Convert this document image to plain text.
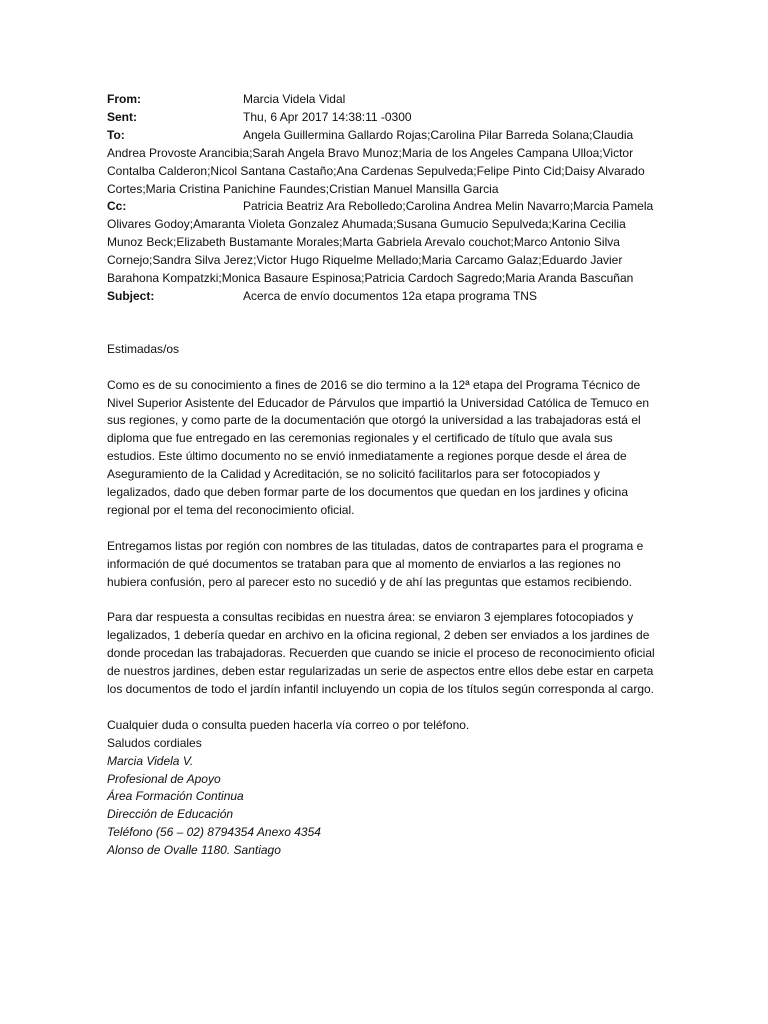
From:	Marcia Videla Vidal
Sent:	Thu, 6 Apr 2017 14:38:11 -0300
To:	Angela Guillermina Gallardo Rojas;Carolina Pilar Barreda Solana;Claudia Andrea Provoste Arancibia;Sarah Angela Bravo Munoz;Maria de los Angeles Campana Ulloa;Victor Contalba Calderon;Nicol Santana Castaño;Ana Cardenas Sepulveda;Felipe Pinto Cid;Daisy Alvarado Cortes;Maria Cristina Panichine Faundes;Cristian Manuel Mansilla Garcia
Cc:	Patricia Beatriz Ara Rebolledo;Carolina Andrea Melin Navarro;Marcia Pamela Olivares Godoy;Amaranta Violeta Gonzalez Ahumada;Susana Gumucio Sepulveda;Karina Cecilia Munoz Beck;Elizabeth Bustamante Morales;Marta Gabriela Arevalo couchot;Marco Antonio Silva Cornejo;Sandra Silva Jerez;Victor Hugo Riquelme Mellado;Maria Carcamo Galaz;Eduardo Javier Barahona Kompatzki;Monica Basaure Espinosa;Patricia Cardoch Sagredo;Maria Aranda Bascuñan
Subject:	Acerca de envío documentos 12a etapa programa TNS

Estimadas/os

Como es de su conocimiento a fines de 2016 se dio termino a la 12ª etapa del Programa Técnico de Nivel Superior Asistente del Educador de Párvulos que impartió la Universidad Católica de Temuco en sus regiones, y como parte de la documentación que otorgó la universidad a las trabajadoras está el diploma que fue entregado en las ceremonias regionales y el certificado de título que avala sus estudios. Este último documento no se envió inmediatamente a regiones porque desde el área de Aseguramiento de la Calidad y Acreditación, se no solicitó facilitarlos para ser fotocopiados y legalizados, dado que deben formar parte de los documentos que quedan en los jardines y oficina regional por el tema del reconocimiento oficial.

Entregamos listas por región con nombres de las tituladas, datos de contrapartes para el programa e información de qué documentos se trataban para que al momento de enviarlos a las regiones no hubiera confusión, pero al parecer esto no sucedió y de ahí las preguntas que estamos recibiendo.

Para dar respuesta a consultas recibidas en nuestra área: se enviaron 3 ejemplares fotocopiados y legalizados, 1 debería quedar en archivo en la oficina regional, 2 deben ser enviados a los jardines de donde procedan las trabajadoras. Recuerden que cuando se inicie el proceso de reconocimiento oficial de nuestros jardines, deben estar regularizadas un serie de aspectos entre ellos debe estar en carpeta los documentos de todo el jardín infantil incluyendo un copia de los títulos según corresponda al cargo.

Cualquier duda o consulta pueden hacerla vía correo o por teléfono.

Saludos cordiales

Marcia Videla V.
Profesional de Apoyo
Área Formación Continua
Dirección de Educación
Teléfono (56 – 02) 8794354 Anexo 4354
Alonso de Ovalle 1180. Santiago
